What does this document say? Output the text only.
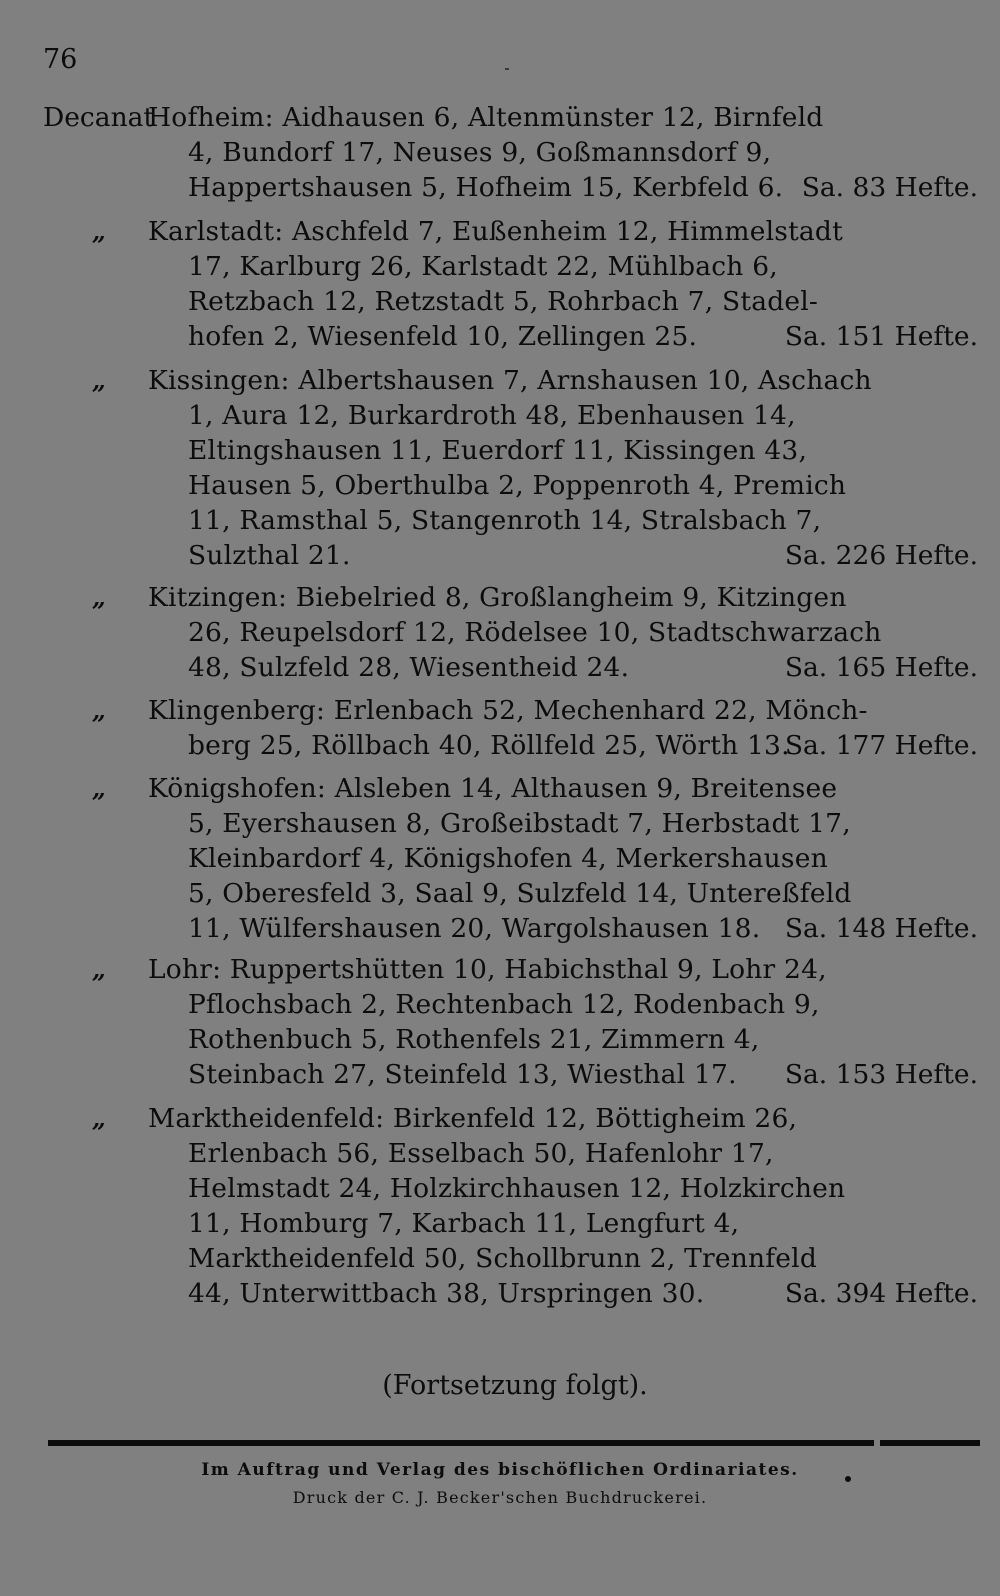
76
Decanat
Hofheim: Aidhausen 6, Altenmünster 12, Birnfeld
4, Bundorf 17, Neuses 9, Goßmannsdorf 9,
Happertshausen 5, Hofheim 15, Kerbfeld 6. Sa. 83 Hefte.
„ Karlstadt: Aschfeld 7, Eußenheim 12, Himmelstadt
17, Karlburg 26, Karlstadt 22, Mühlbach 6,
Retzbach 12, Retzstadt 5, Rohrbach 7, Stadel-
hofen 2, Wiesenfeld 10, Zellingen 25.	Sa. 151 Hefte.
„ Kissingen: Albertshausen 7, Arnshausen 10, Aschach
1, Aura 12, Burkardroth 48, Ebenhausen 14,
Eltingshausen 11, Euerdorf 11, Kissingen 43,
Hausen 5, Oberthulba 2, Poppenroth 4, Premich
11, Ramsthal 5, Stangenroth 14, Stralsbach 7,
Sulzthal 21.	Sa. 226 Hefte.
„ Kitzingen: Biebelried 8, Großlangheim 9, Kitzingen
26, Reupelsdorf 12, Rödelsee 10, Stadtschwarzach
48, Sulzfeld 28, Wiesentheid 24.	Sa. 165 Hefte.
„ Klingenberg: Erlenbach 52, Mechenhard 22, Mönch-
berg 25, Röllbach 40, Röllfeld 25, Wörth 13.
Sa. 177 Hefte.
„ Königshofen: Alsleben 14, Althausen 9, Breitensee
5, Eyershausen 8, Großeibstadt 7, Herbstadt 17,
Kleinbardorf 4, Königshofen 4, Merkershausen
5, Oberesfeld 3, Saal 9, Sulzfeld 14, Untereßfeld
11, Wülfershausen 20, Wargolshausen 18. Sa. 148 Hefte.
„ Lohr: Ruppertshütten 10, Habichsthal 9, Lohr 24,
Pflochsbach 2, Rechtenbach 12, Rodenbach 9,
Rothenbuch 5, Rothenfels 21, Zimmern 4,
Steinbach 27, Steinfeld 13, Wiesthal 17. Sa. 153 Hefte.
„ Marktheidenfeld: Birkenfeld 12, Böttigheim 26,
Erlenbach 56, Esselbach 50, Hafenlohr 17,
Helmstadt 24, Holzkirchhausen 12, Holzkirchen
11, Homburg 7, Karbach 11, Lengfurt 4,
Marktheidenfeld 50, Schollbrunn 2, Trennfeld
44, Unterwittbach 38, Urspringen 30.	Sa. 394 Hefte.
(Fortsetzung folgt).
Im Auftrag und Verlag des bischöflichen Ordinariates.
Druck der C. J. Becker'schen Buchdruckerei.
